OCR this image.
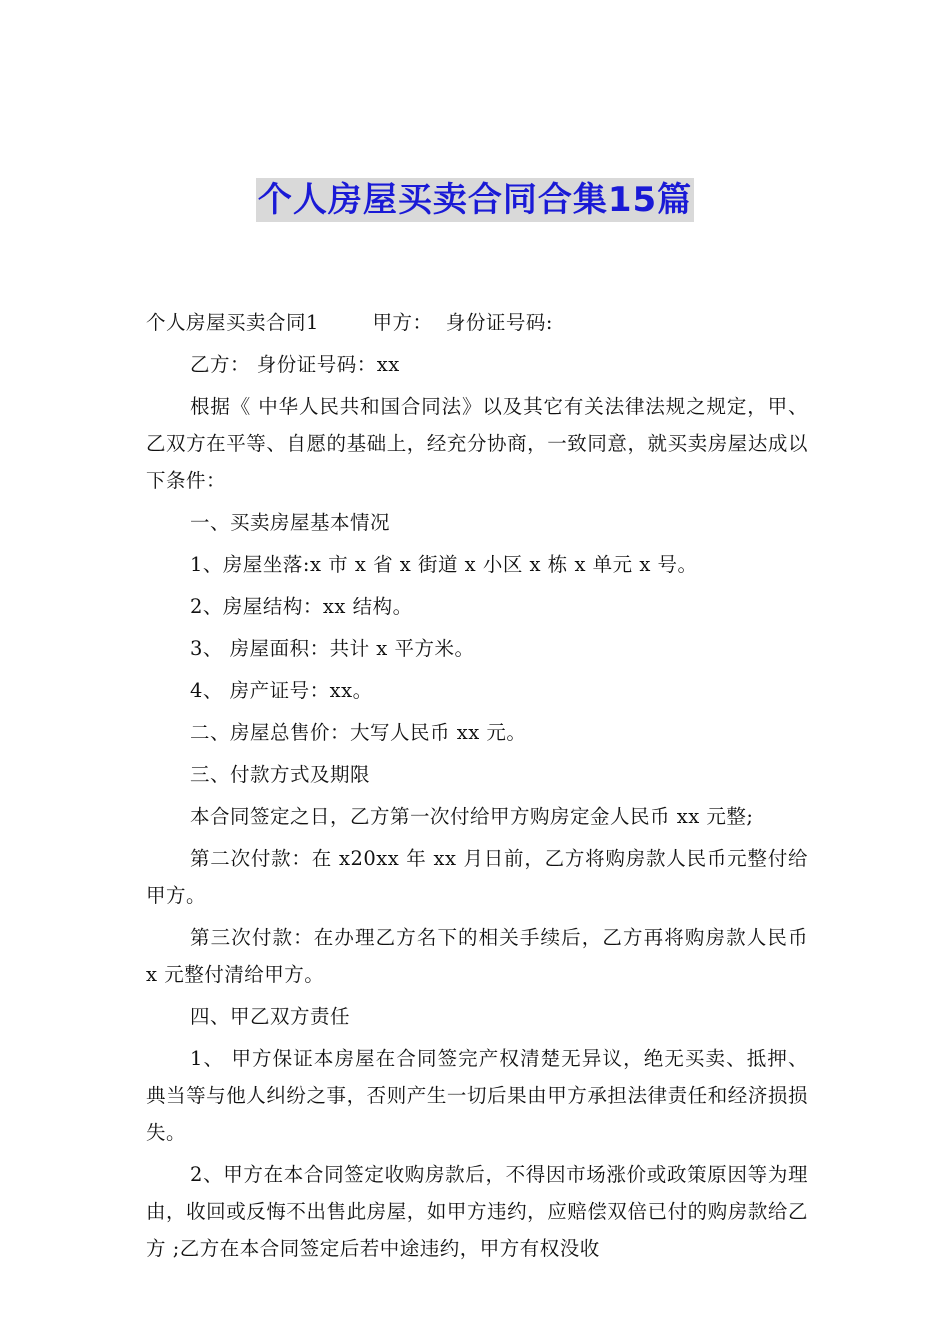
个人房屋买卖合同合集15篇

个人房屋买卖合同1        甲方：  身份证号码:

乙方： 身份证号码：xx

根据《 中华人民共和国合同法》以及其它有关法律法规之规定，甲、乙双方在平等、自愿的基础上，经充分协商，一致同意，就买卖房屋达成以下条件：

一、买卖房屋基本情况

1、房屋坐落:x 市 x 省 x 街道 x 小区 x 栋 x 单元 x 号。

2、房屋结构：xx 结构。

3、 房屋面积：共计 x 平方米。

4、 房产证号：xx。

二、房屋总售价：大写人民币 xx 元。

三、付款方式及期限

本合同签定之日，乙方第一次付给甲方购房定金人民币 xx 元整;

第二次付款：在 x20xx 年 xx 月日前，乙方将购房款人民币元整付给甲方。

第三次付款：在办理乙方名下的相关手续后，乙方再将购房款人民币 x 元整付清给甲方。

四、甲乙双方责任

1、 甲方保证本房屋在合同签完产权清楚无异议，绝无买卖、抵押、典当等与他人纠纷之事，否则产生一切后果由甲方承担法律责任和经济损损失。

2、甲方在本合同签定收购房款后，不得因市场涨价或政策原因等为理由，收回或反悔不出售此房屋，如甲方违约，应赔偿双倍已付的购房款给乙方 ;乙方在本合同签定后若中途违约，甲方有权没收
